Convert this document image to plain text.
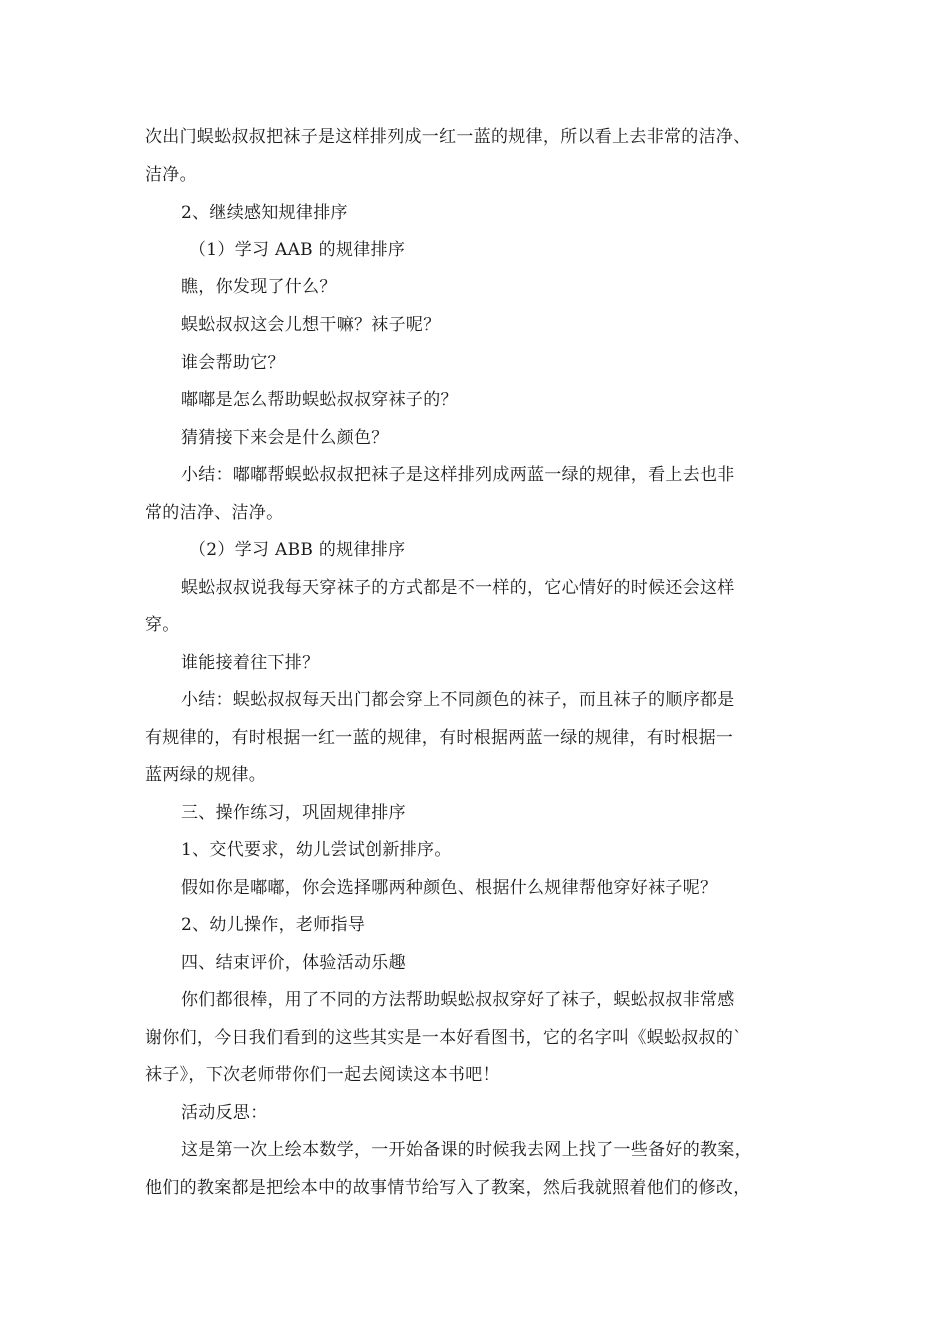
次出门蜈蚣叔叔把袜子是这样排列成一红一蓝的规律，所以看上去非常的洁净、
洁净。
2、继续感知规律排序
（1）学习 AAB 的规律排序
瞧，你发现了什么？
蜈蚣叔叔这会儿想干嘛？袜子呢？
谁会帮助它？
嘟嘟是怎么帮助蜈蚣叔叔穿袜子的？
猜猜接下来会是什么颜色？
小结：嘟嘟帮蜈蚣叔叔把袜子是这样排列成两蓝一绿的规律，看上去也非
常的洁净、洁净。
（2）学习 ABB 的规律排序
蜈蚣叔叔说我每天穿袜子的方式都是不一样的，它心情好的时候还会这样
穿。
谁能接着往下排？
小结：蜈蚣叔叔每天出门都会穿上不同颜色的袜子，而且袜子的顺序都是
有规律的，有时根据一红一蓝的规律，有时根据两蓝一绿的规律，有时根据一
蓝两绿的规律。
三、操作练习，巩固规律排序
1、交代要求，幼儿尝试创新排序。
假如你是嘟嘟，你会选择哪两种颜色、根据什么规律帮他穿好袜子呢？
2、幼儿操作，老师指导
四、结束评价，体验活动乐趣
你们都很棒，用了不同的方法帮助蜈蚣叔叔穿好了袜子，蜈蚣叔叔非常感
谢你们，今日我们看到的这些其实是一本好看图书，它的名字叫《蜈蚣叔叔的`
袜子》，下次老师带你们一起去阅读这本书吧！
活动反思：
这是第一次上绘本数学，一开始备课的时候我去网上找了一些备好的教案，
他们的教案都是把绘本中的故事情节给写入了教案，然后我就照着他们的修改，
